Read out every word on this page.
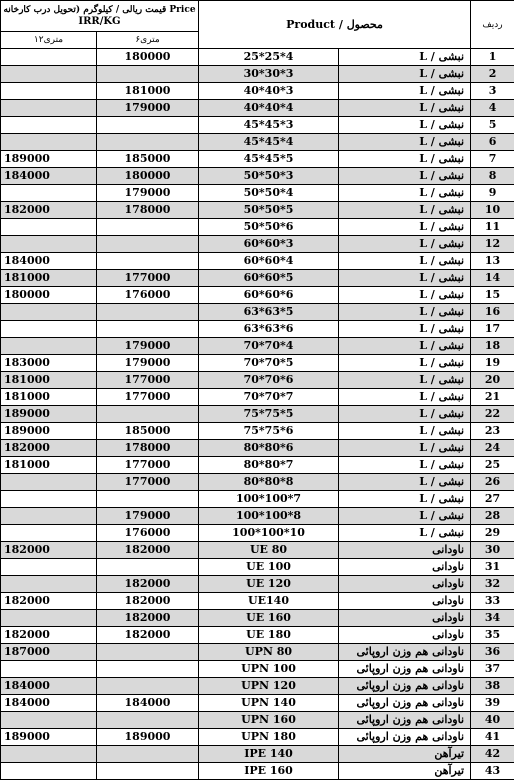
قیمت ریالی / کیلوگرم (تحویل درب کارخانه Price
IRR/KG		Product / محصول		ردیف
۱۲متری	۶متری			
	180000	25*25*4	نبشی / L	1
		30*30*3	نبشی / L	2
	181000	40*40*3	نبشی / L	3
	179000	40*40*4	نبشی / L	4
		45*45*3	نبشی / L	5
		45*45*4	نبشی / L	6
189000	185000	45*45*5	نبشی / L	7
184000	180000	50*50*3	نبشی / L	8
	179000	50*50*4	نبشی / L	9
182000	178000	50*50*5	نبشی / L	10
		50*50*6	نبشی / L	11
		60*60*3	نبشی / L	12
184000		60*60*4	نبشی / L	13
181000	177000	60*60*5	نبشی / L	14
180000	176000	60*60*6	نبشی / L	15
		63*63*5	نبشی / L	16
		63*63*6	نبشی / L	17
	179000	70*70*4	نبشی / L	18
183000	179000	70*70*5	نبشی / L	19
181000	177000	70*70*6	نبشی / L	20
181000	177000	70*70*7	نبشی / L	21
189000		75*75*5	نبشی / L	22
189000	185000	75*75*6	نبشی / L	23
182000	178000	80*80*6	نبشی / L	24
181000	177000	80*80*7	نبشی / L	25
	177000	80*80*8	نبشی / L	26
		100*100*7	نبشی / L	27
	179000	100*100*8	نبشی / L	28
	176000	100*100*10	نبشی / L	29
182000	182000	UE 80	ناودانی	30
		UE 100	ناودانی	31
	182000	UE 120	ناودانی	32
182000	182000	UE140	ناودانی	33
	182000	UE 160	ناودانی	34
182000	182000	UE 180	ناودانی	35
187000		UPN 80	ناودانی هم وزن اروپائی	36
		UPN 100	ناودانی هم وزن اروپائی	37
184000		UPN 120	ناودانی هم وزن اروپائی	38
184000	184000	UPN 140	ناودانی هم وزن اروپائی	39
		UPN 160	ناودانی هم وزن اروپائی	40
189000	189000	UPN 180	ناودانی هم وزن اروپائی	41
		IPE 140	تیرآهن	42
		IPE 160	تیرآهن	43
